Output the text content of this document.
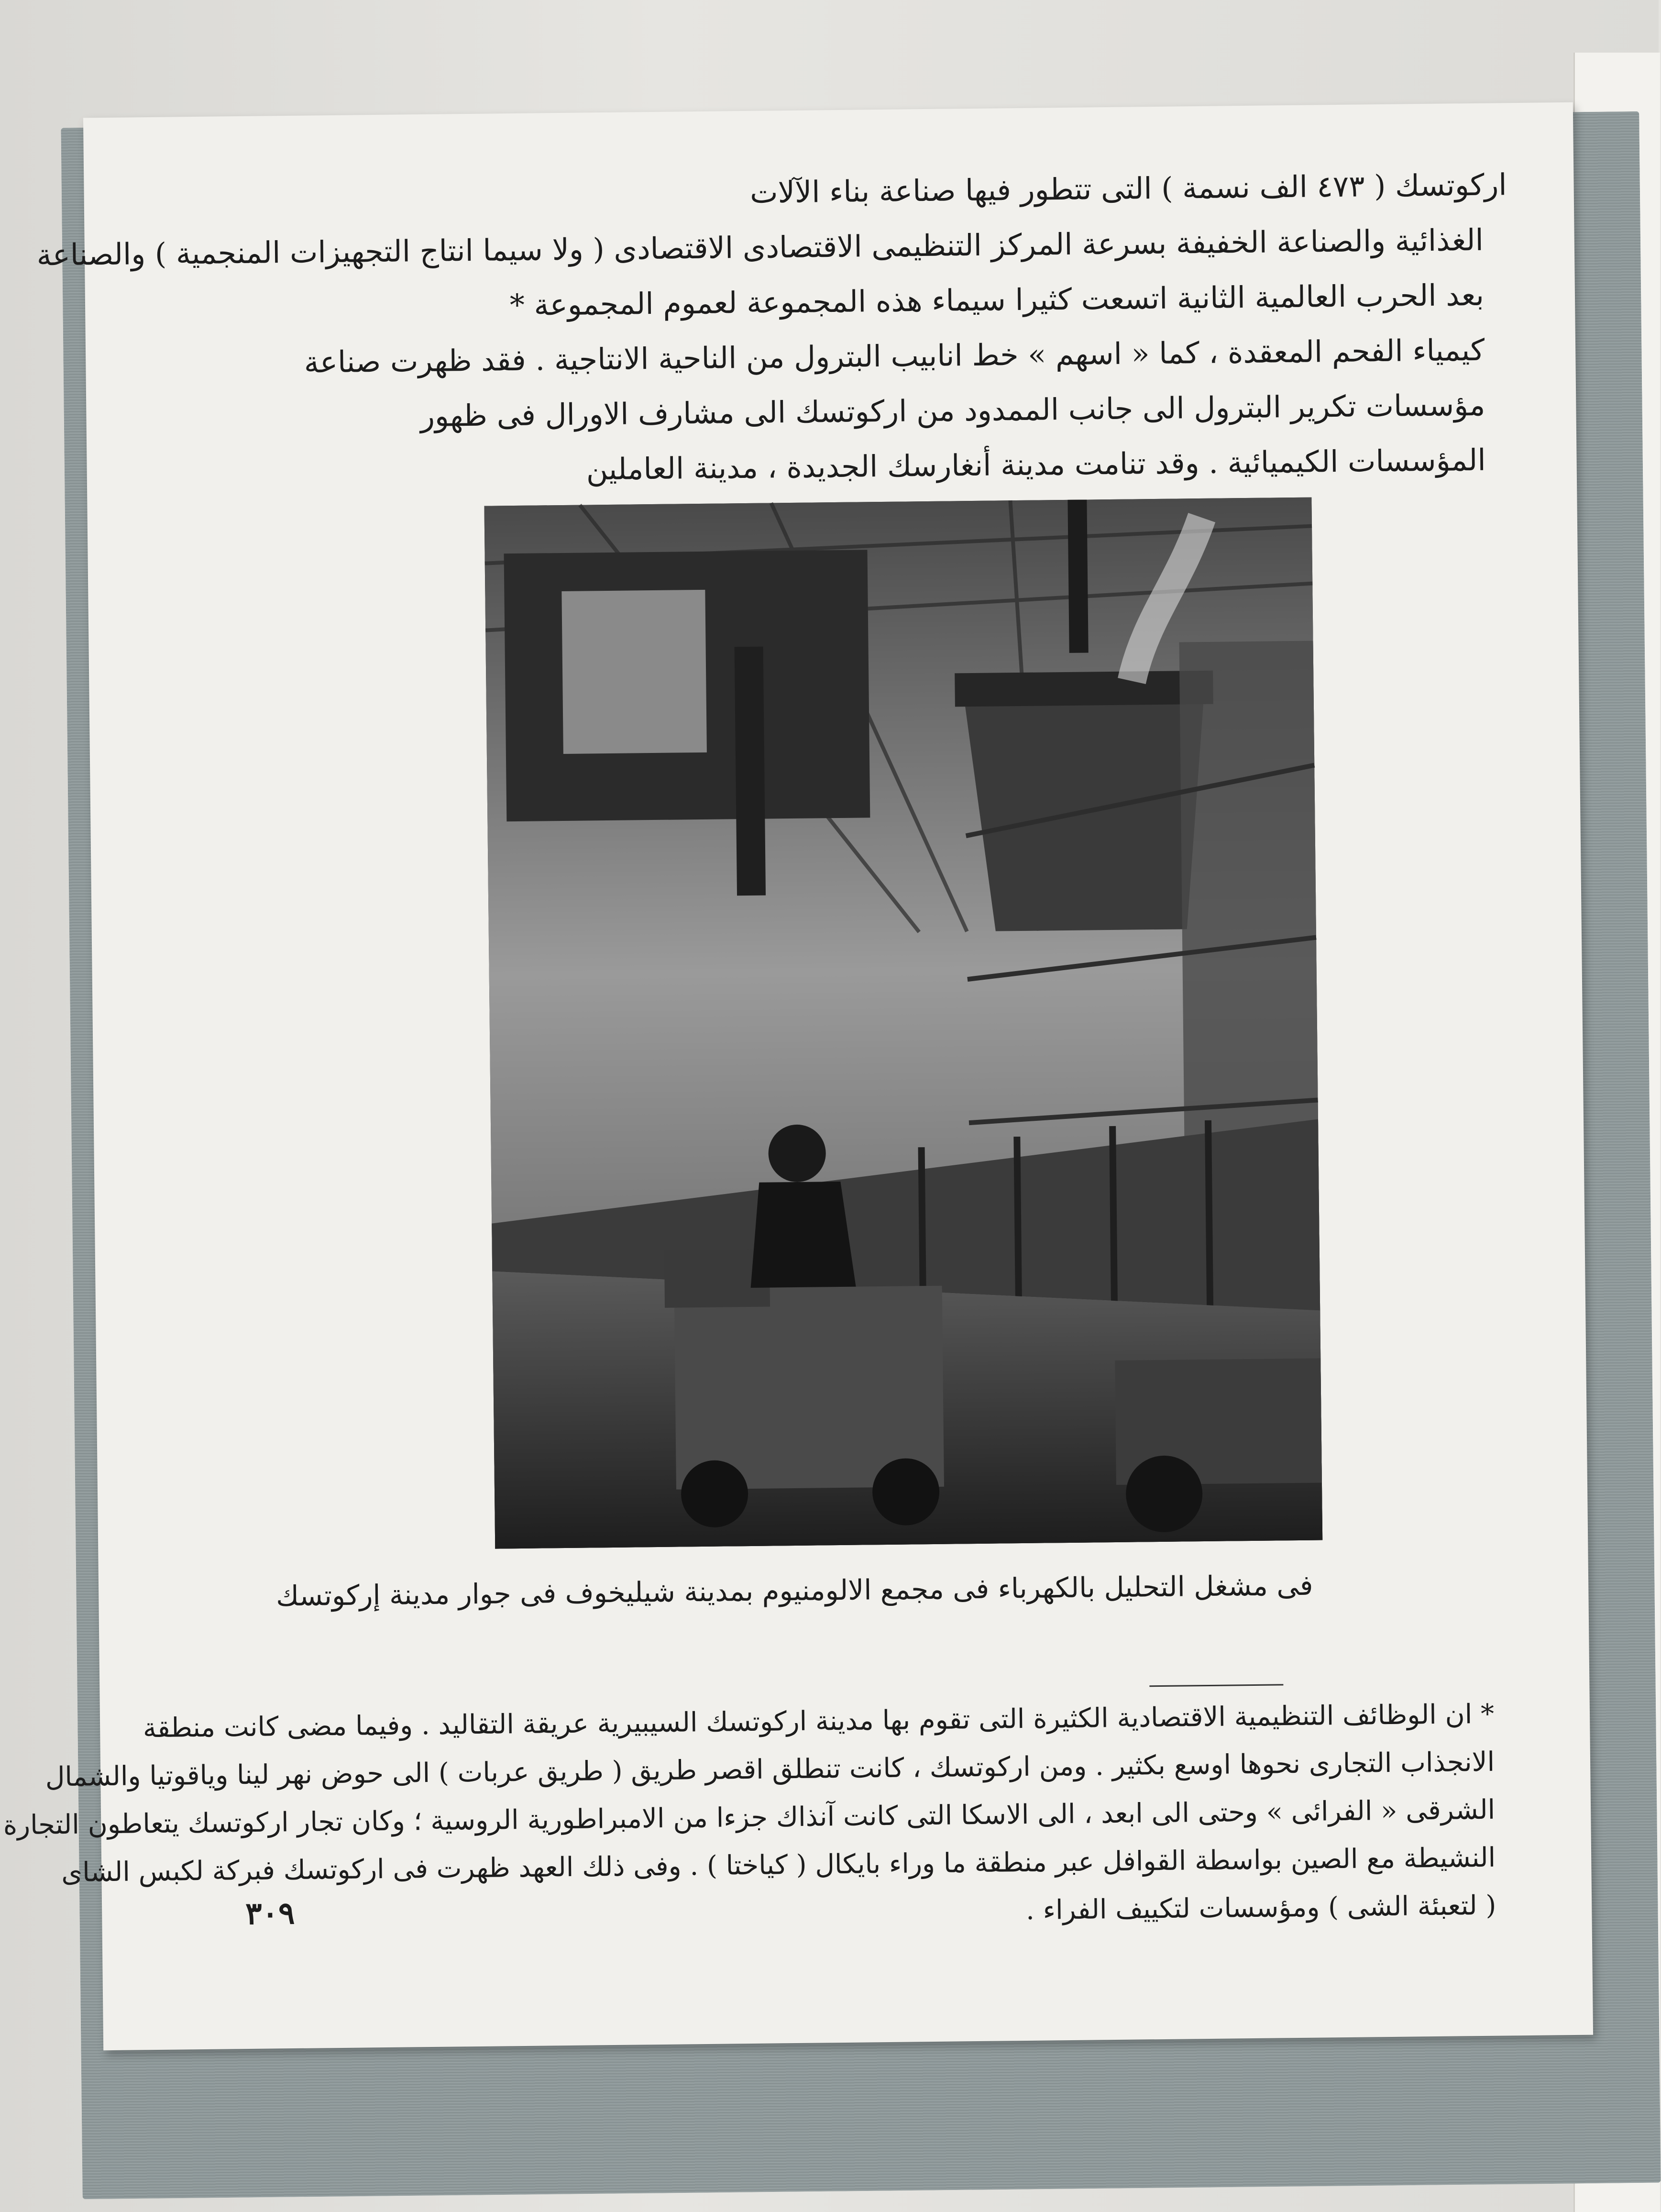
اركوتسك ( ٤٧٣ الف نسمة ) التى تتطور فيها صناعة بناء الآلات
الغذائية والصناعة الخفيفة بسرعة المركز التنظيمى الاقتصادى الاقتصادى ( ولا سيما انتاج التجهيزات المنجمية ) والصناعة
بعد الحرب العالمية الثانية اتسعت كثيرا سيماء هذه المجموعة لعموم المجموعة *
كيمياء الفحم المعقدة ، كما « اسهم » خط انابيب البترول من الناحية الانتاجية . فقد ظهرت صناعة
مؤسسات تكرير البترول الى جانب الممدود من اركوتسك الى مشارف الاورال فى ظهور
المؤسسات الكيميائية . وقد تنامت مدينة أنغارسك الجديدة ، مدينة العاملين
فى مشغل التحليل بالكهرباء فى مجمع الالومنيوم بمدينة شيليخوف فى جوار مدينة إركوتسك
* ان الوظائف التنظيمية الاقتصادية الكثيرة التى تقوم بها مدينة اركوتسك السيبيرية عريقة التقاليد . وفيما مضى كانت منطقة
الانجذاب التجارى نحوها اوسع بكثير . ومن اركوتسك ، كانت تنطلق اقصر طريق ( طريق عربات ) الى حوض نهر لينا وياقوتيا والشمال
الشرقى « الفرائى » وحتى الى ابعد ، الى الاسكا التى كانت آنذاك جزءا من الامبراطورية الروسية ؛ وكان تجار اركوتسك يتعاطون التجارة
النشيطة مع الصين بواسطة القوافل عبر منطقة ما وراء بايكال ( كياختا ) . وفى ذلك العهد ظهرت فى اركوتسك فبركة لكبس الشاى
( لتعبئة الشى ) ومؤسسات لتكييف الفراء .
٣٠٩
